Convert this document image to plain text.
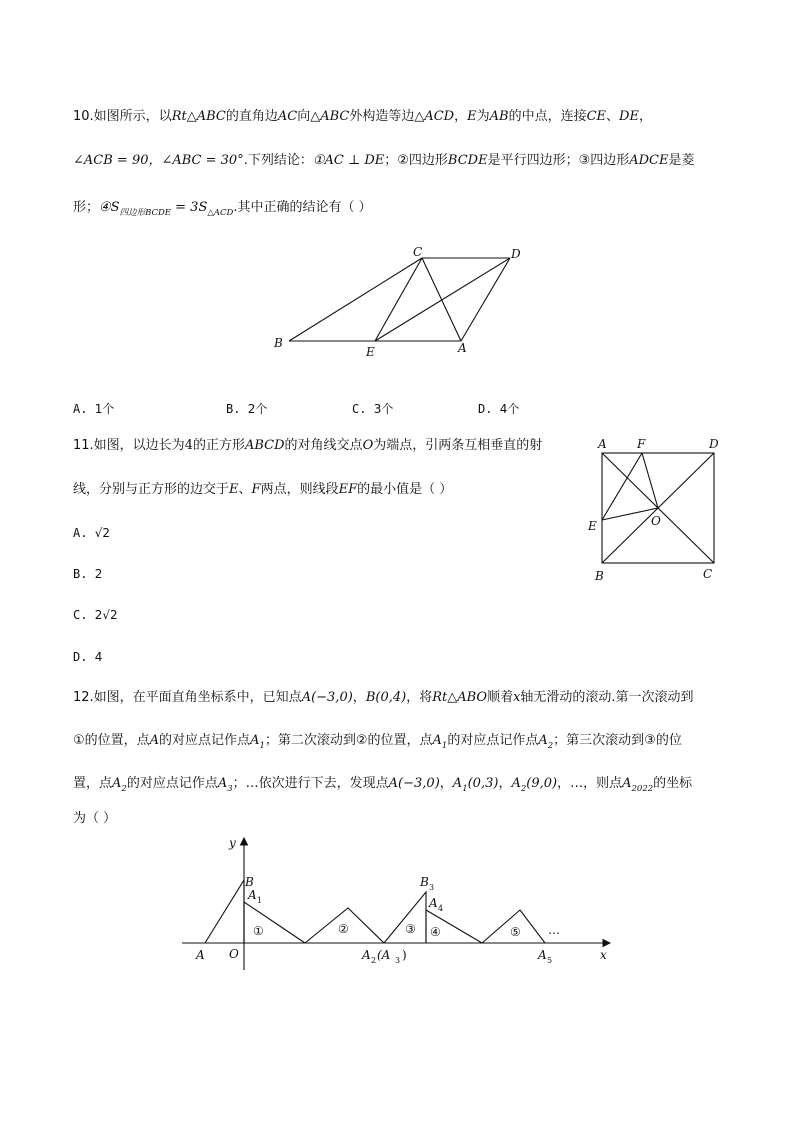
10.如图所示，以Rt△ABC的直角边AC向△ABC外构造等边△ACD，E为AB的中点，连接CE、DE，
∠ACB = 90，∠ABC = 30°.下列结论：①AC ⊥ DE；②四边形BCDE是平行四边形；③四边形ADCE是菱
形；$④S_{四边形BCDE} = 3S_{\triangle ACD}$.其中正确的结论有（ ）
C	D
B
E	A
A. 1个	B. 2个	C. 3个	D. 4个
11.如图，以边长为4的正方形ABCD的对角线交点O为端点，引两条互相垂直的射
线，分别与正方形的边交于E、F两点，则线段EF的最小值是（ ）
A	F	D
E	O
B	C
A. √2
B. 2
C. 2√2
D. 4
12.如图，在平面直角坐标系中，已知点A(−3,0)，B(0,4)，将Rt△ABO顺着x轴无滑动的滚动.第一次滚动到
①的位置，点A的对应点记作点$A_1$；第二次滚动到②的位置，点$A_1$的对应点记作点$A_2$；第三次滚动到③的位
置，点$A_2$的对应点记作点$A_3$；…依次进行下去，发现点A(−3,0)，$A_1(0,3)$，$A_2(9,0)$，…，则点$A_{2022}$的坐标
为（ ）
y
x
B
A 1
B 3
A 4
A O	A 2 (A 3 )	A 5
①	②	③ ④	⑤ …
